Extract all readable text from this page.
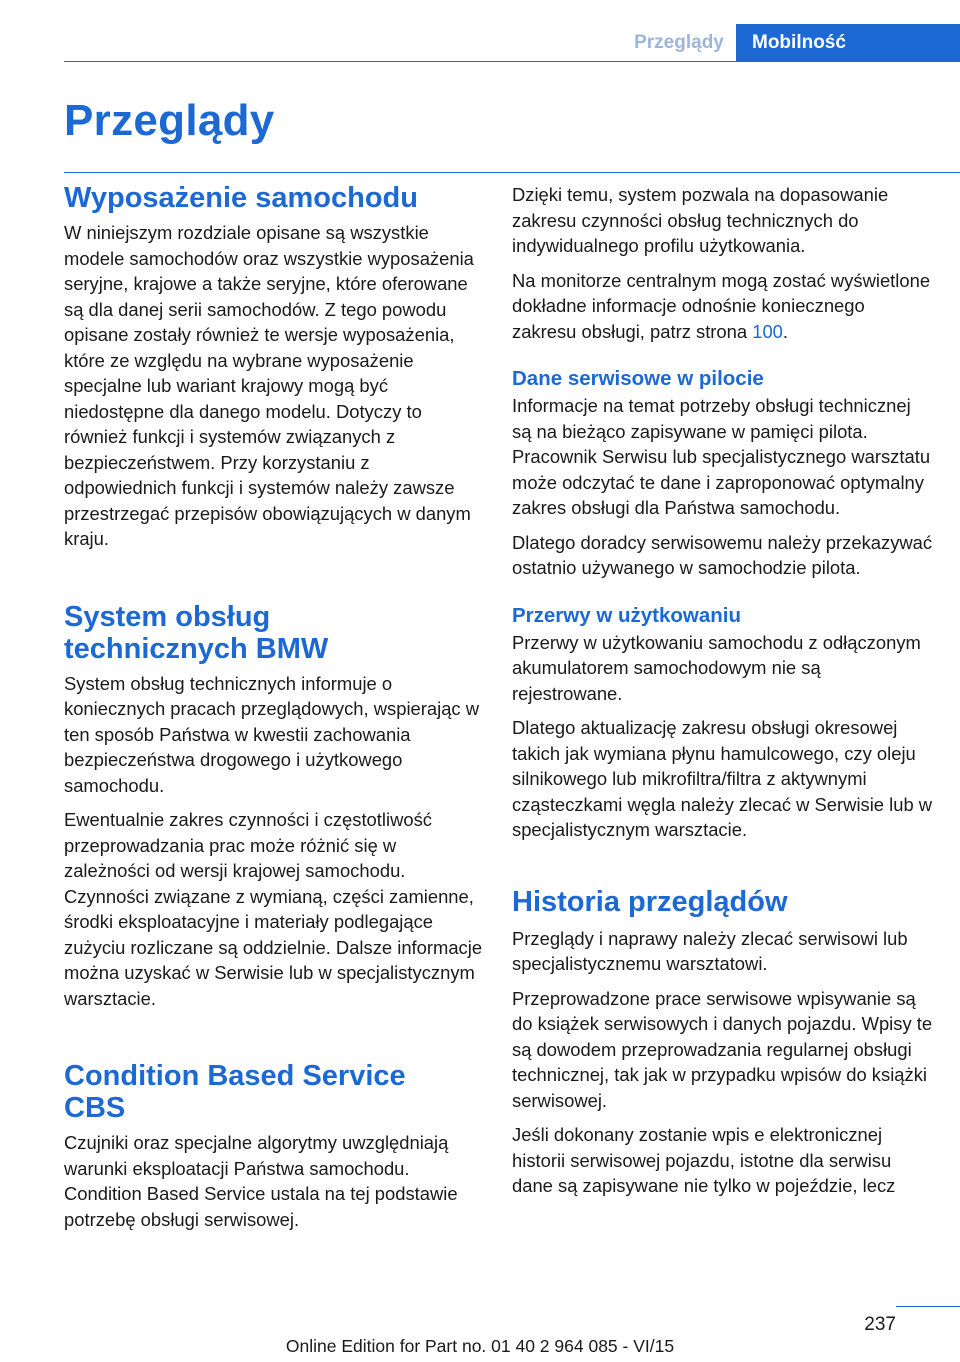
Przeglądy	Mobilność
Przeglądy
Wyposażenie samochodu

W niniejszym rozdziale opisane są wszystkie modele samochodów oraz wszystkie wyposażenia seryjne, krajowe a także seryjne, które oferowane są dla danej serii samochodów. Z tego powodu opisane zostały również te wersje wyposażenia, które ze względu na wybrane wyposażenie specjalne lub wariant krajowy mogą być niedostępne dla danego modelu. Dotyczy to również funkcji i systemów związanych z bezpieczeństwem. Przy korzystaniu z odpowiednich funkcji i systemów należy zawsze przestrzegać przepisów obowiązujących w danym kraju.

System obsług
technicznych BMW

System obsług technicznych informuje o koniecznych pracach przeglądowych, wspierając w ten sposób Państwa w kwestii zachowania bezpieczeństwa drogowego i użytkowego samochodu.

Ewentualnie zakres czynności i częstotliwość przeprowadzania prac może różnić się w zależności od wersji krajowej samochodu. Czynności związane z wymianą, części zamienne, środki eksploatacyjne i materiały podlegające zużyciu rozliczane są oddzielnie. Dalsze informacje można uzyskać w Serwisie lub w specjalistycznym warsztacie.

Condition Based Service
CBS

Czujniki oraz specjalne algorytmy uwzględniają warunki eksploatacji Państwa samochodu. Condition Based Service ustala na tej podstawie potrzebę obsługi serwisowej.

Dzięki temu, system pozwala na dopasowanie zakresu czynności obsług technicznych do indywidualnego profilu użytkowania.

Na monitorze centralnym mogą zostać wyświetlone dokładne informacje odnośnie koniecznego zakresu obsługi, patrz strona 100.

Dane serwisowe w pilocie

Informacje na temat potrzeby obsługi technicznej są na bieżąco zapisywane w pamięci pilota. Pracownik Serwisu lub specjalistycznego warsztatu może odczytać te dane i zaproponować optymalny zakres obsługi dla Państwa samochodu.

Dlatego doradcy serwisowemu należy przekazywać ostatnio używanego w samochodzie pilota.

Przerwy w użytkowaniu

Przerwy w użytkowaniu samochodu z odłączonym akumulatorem samochodowym nie są rejestrowane.

Dlatego aktualizację zakresu obsługi okresowej takich jak wymiana płynu hamulcowego, czy oleju silnikowego lub mikrofiltra/filtra z aktywnymi cząsteczkami węgla należy zlecać w Serwisie lub w specjalistycznym warsztacie.

Historia przeglądów

Przeglądy i naprawy należy zlecać serwisowi lub specjalistycznemu warsztatowi.

Przeprowadzone prace serwisowe wpisywanie są do książek serwisowych i danych pojazdu. Wpisy te są dowodem przeprowadzania regularnej obsługi technicznej, tak jak w przypadku wpisów do książki serwisowej.

Jeśli dokonany zostanie wpis e elektronicznej historii serwisowej pojazdu, istotne dla serwisu dane są zapisywane nie tylko w pojeździe, lecz

237
Online Edition for Part no. 01 40 2 964 085 - VI/15
